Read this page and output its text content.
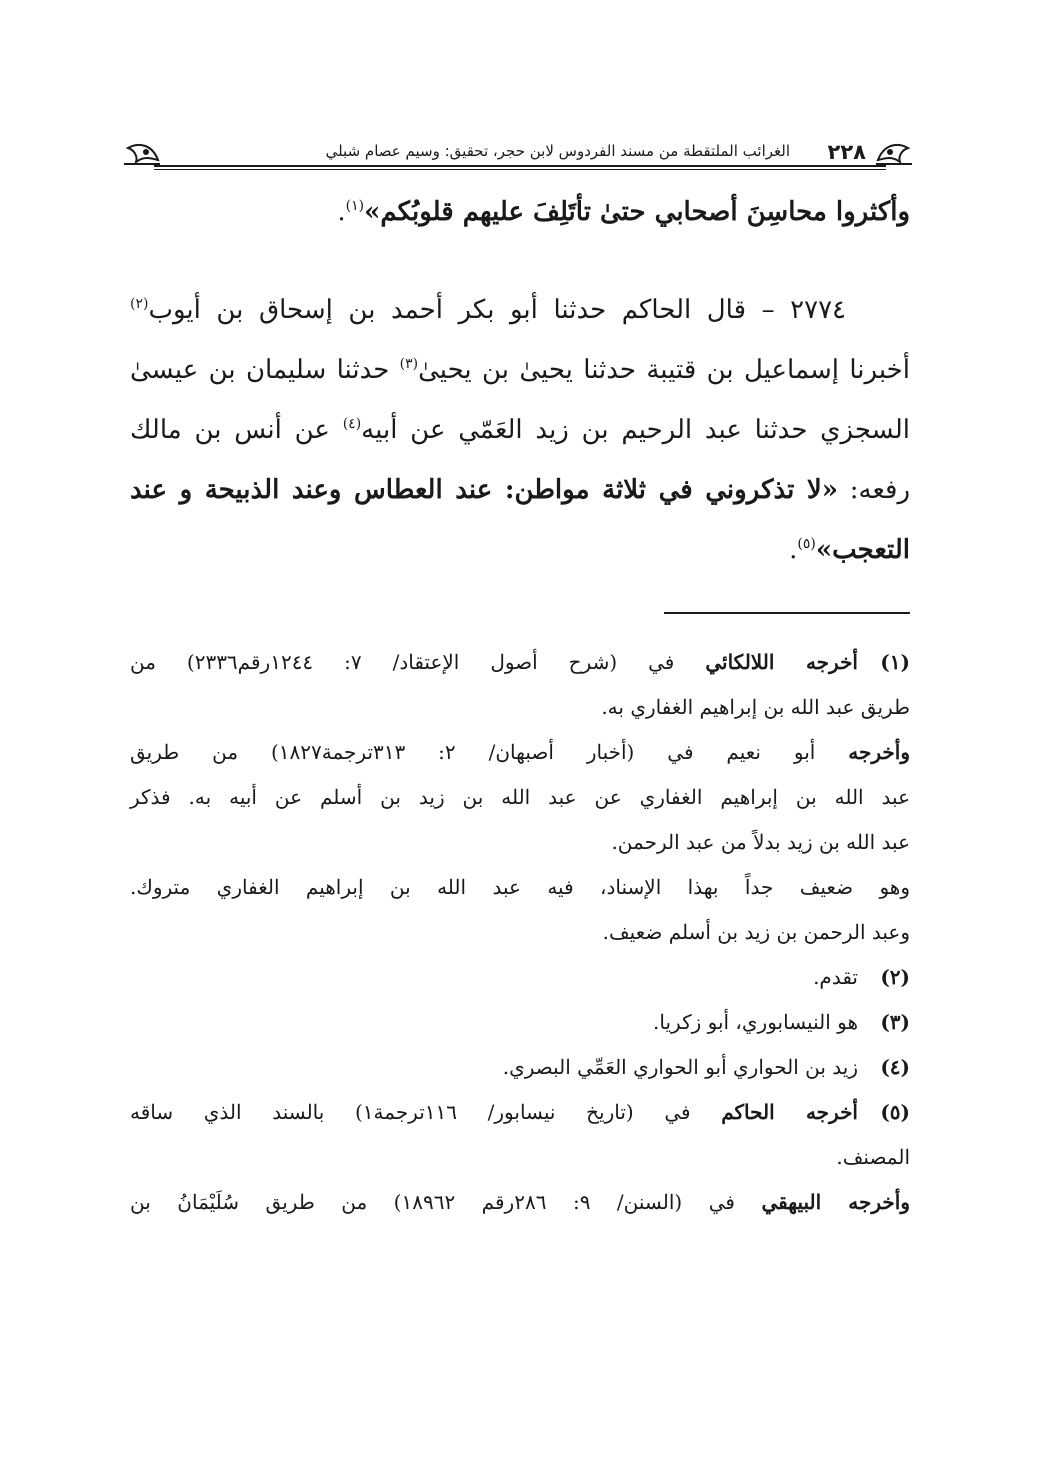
٢٢٨
الغرائب الملتقطة من مسند الفردوس لابن حجر، تحقيق: وسيم عصام شبلي
وأكثروا محاسِنَ أصحابي حتىٰ تأتَلِفَ عليهم قلوبُكم»$^{(١)}$.
٢٧٧٤ – قال الحاكم حدثنا أبو بكر أحمد بن إسحاق بن أيوب$^{(٢)}$
أخبرنا إسماعيل بن قتيبة حدثنا يحيىٰ بن يحيىٰ$^{(٣)}$ حدثنا سليمان بن عيسىٰ
السجزي حدثنا عبد الرحيم بن زيد العَمّي عن أبيه$^{(٤)}$ عن أنس بن مالك
رفعه: «لا تذكروني في ثلاثة مواطن: عند العطاس وعند الذبيحة و عند
التعجب»$^{(٥)}$.
(١)أخرجه اللالكائي في (شرح أصول الإعتقاد/ ٧: ١٢٤٤رقم٢٣٣٦) من
طريق عبد الله بن إبراهيم الغفاري به.
وأخرجه أبو نعيم في (أخبار أصبهان/ ٢: ٣١٣ترجمة١٨٢٧) من طريق
عبد الله بن إبراهيم الغفاري عن عبد الله بن زيد بن أسلم عن أبيه به. فذكر
عبد الله بن زيد بدلاً من عبد الرحمن.
وهو ضعيف جداً بهذا الإسناد، فيه عبد الله بن إبراهيم الغفاري متروك.
وعبد الرحمن بن زيد بن أسلم ضعيف.
(٢)تقدم.
(٣)هو النيسابوري، أبو زكريا.
(٤)زيد بن الحواري أبو الحواري العَمِّي البصري.
(٥)أخرجه الحاكم في (تاريخ نيسابور/ ١١٦ترجمة١) بالسند الذي ساقه
المصنف.
وأخرجه البيهقي في (السنن/ ٩: ٢٨٦رقم ١٨٩٦٢) من طريق سُلَيْمَانُ بن
